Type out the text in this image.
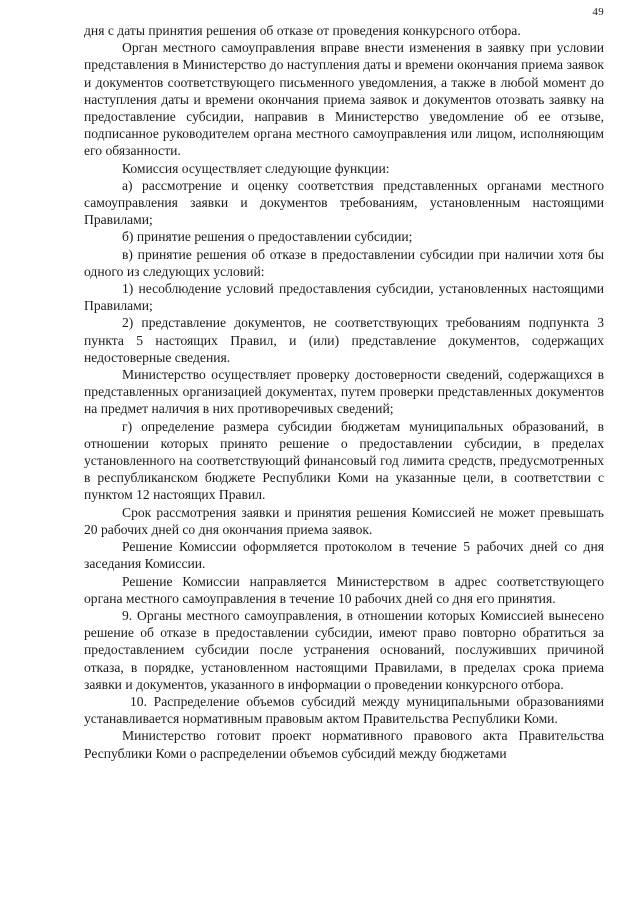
49

дня с даты принятия решения об отказе от проведения конкурсного отбора.

Орган местного самоуправления вправе внести изменения в заявку при условии представления в Министерство до наступления даты и времени окончания приема заявок и документов соответствующего письменного уведомления, а также в любой момент до наступления даты и времени окончания приема заявок и документов отозвать заявку на предоставление субсидии, направив в Министерство уведомление об ее отзыве, подписанное руководителем органа местного самоуправления или лицом, исполняющим его обязанности.

Комиссия осуществляет следующие функции:

а) рассмотрение и оценку соответствия представленных органами местного самоуправления заявки и документов требованиям, установленным настоящими Правилами;

б) принятие решения о предоставлении субсидии;

в) принятие решения об отказе в предоставлении субсидии при наличии хотя бы одного из следующих условий:

1) несоблюдение условий предоставления субсидии, установленных настоящими Правилами;

2) представление документов, не соответствующих требованиям подпункта 3 пункта 5 настоящих Правил, и (или) представление документов, содержащих недостоверные сведения.

Министерство осуществляет проверку достоверности сведений, содержащихся в представленных организацией документах, путем проверки представленных документов на предмет наличия в них противоречивых сведений;

г) определение размера субсидии бюджетам муниципальных образований, в отношении которых принято решение о предоставлении субсидии, в пределах установленного на соответствующий финансовый год лимита средств, предусмотренных в республиканском бюджете Республики Коми на указанные цели, в соответствии с пунктом 12 настоящих Правил.

Срок рассмотрения заявки и принятия решения Комиссией не может превышать 20 рабочих дней со дня окончания приема заявок.

Решение Комиссии оформляется протоколом в течение 5 рабочих дней со дня заседания Комиссии.

Решение Комиссии направляется Министерством в адрес соответствующего органа местного самоуправления в течение 10 рабочих дней со дня его принятия.

9. Органы местного самоуправления, в отношении которых Комиссией вынесено решение об отказе в предоставлении субсидии, имеют право повторно обратиться за предоставлением субсидии после устранения оснований, послуживших причиной отказа, в порядке, установленном настоящими Правилами, в пределах срока приема заявки и документов, указанного в информации о проведении конкурсного отбора.

10. Распределение объемов субсидий между муниципальными образованиями устанавливается нормативным правовым актом Правительства Республики Коми.

Министерство готовит проект нормативного правового акта Правительства Республики Коми о распределении объемов субсидий между бюджетами
